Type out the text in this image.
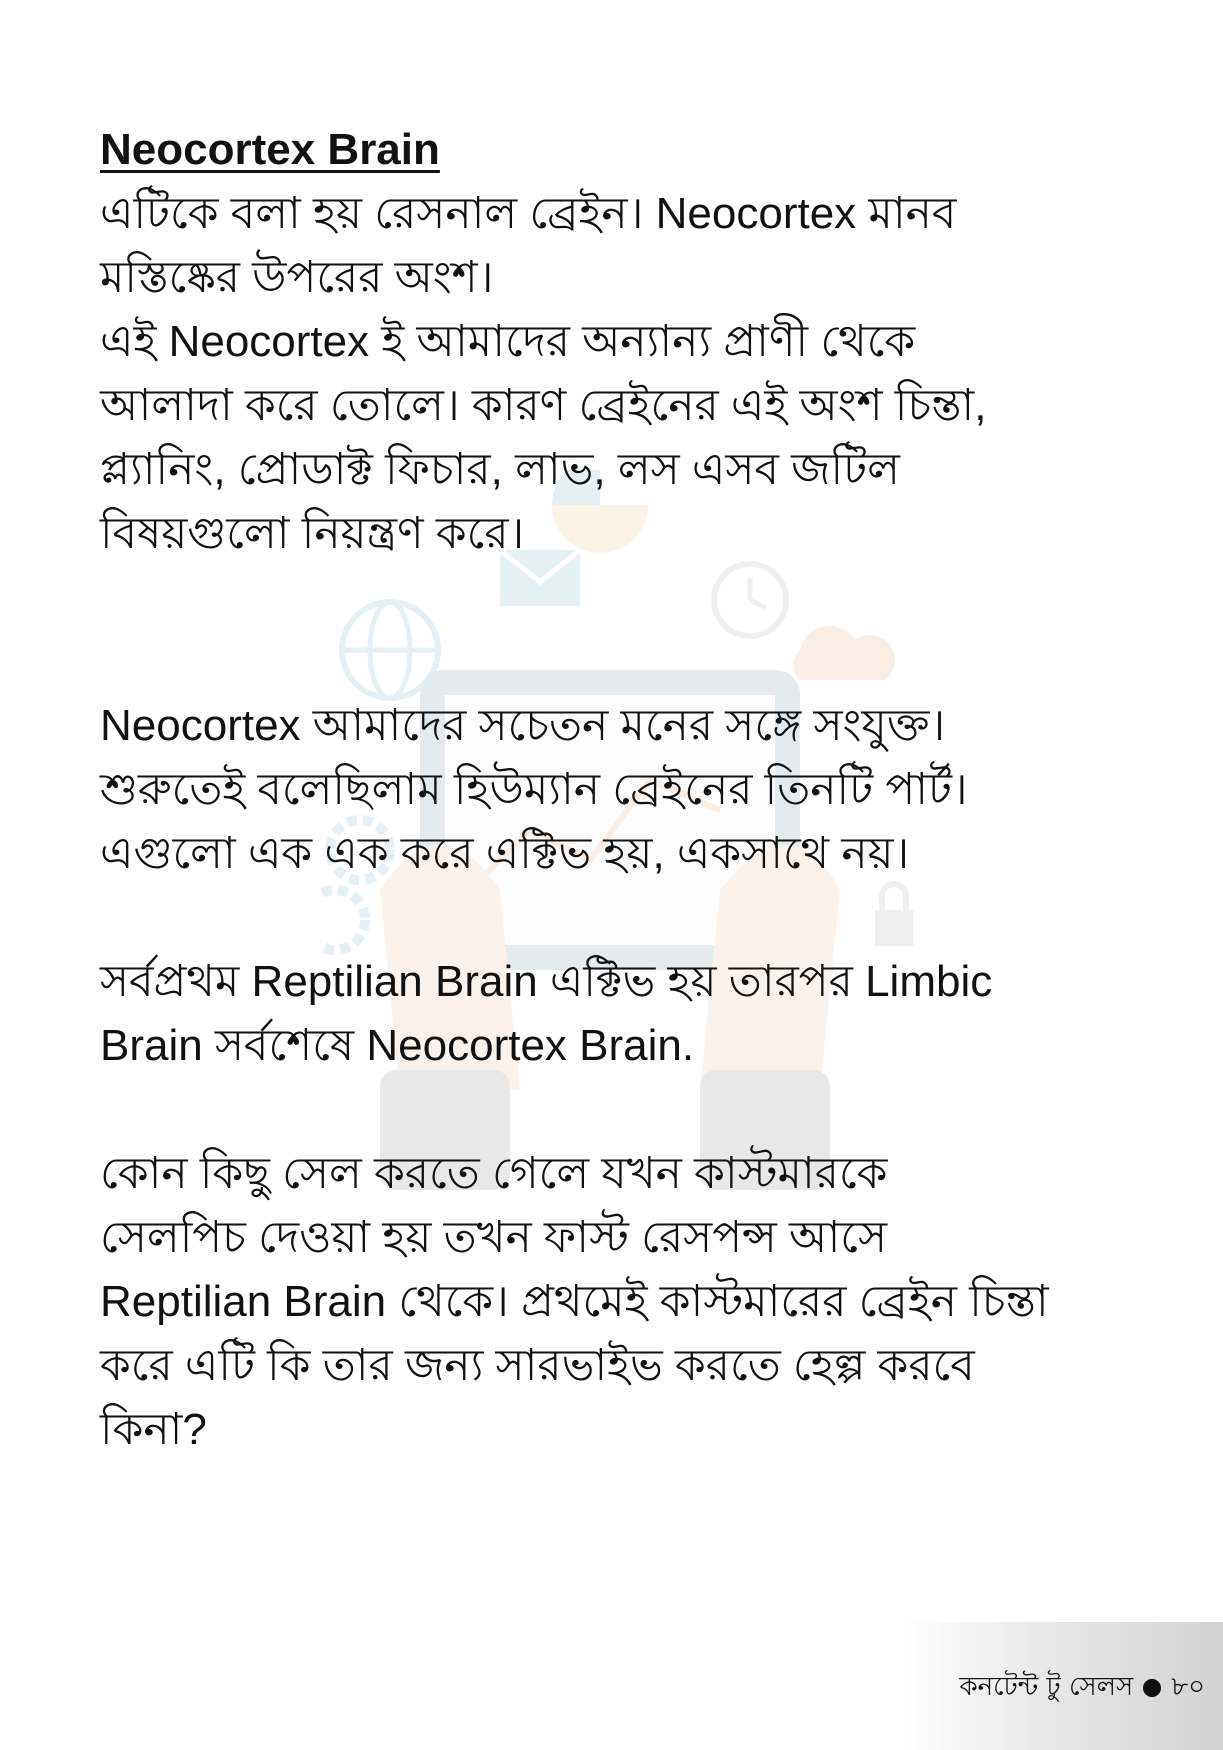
Neocortex Brain
এটিকে বলা হয় রেসনাল ব্রেইন। Neocortex মানব
মস্তিষ্কের উপরের অংশ।
এই Neocortex ই আমাদের অন্যান্য প্রাণী থেকে
আলাদা করে তোলে। কারণ ব্রেইনের এই অংশ চিন্তা,
প্ল্যানিং, প্রোডাক্ট ফিচার, লাভ, লস এসব জটিল
বিষয়গুলো নিয়ন্ত্রণ করে।
Neocortex আমাদের সচেতন মনের সঙ্গে সংযুক্ত।
শুরুতেই বলেছিলাম হিউম্যান ব্রেইনের তিনটি পার্ট।
এগুলো এক এক করে এক্টিভ হয়, একসাথে নয়।
সর্বপ্রথম Reptilian Brain এক্টিভ হয় তারপর Limbic
Brain সর্বশেষে Neocortex Brain.
কোন কিছু সেল করতে গেলে যখন কাস্টমারকে
সেলপিচ দেওয়া হয় তখন ফাস্ট রেসপন্স আসে
Reptilian Brain থেকে। প্রথমেই কাস্টমারের ব্রেইন চিন্তা
করে এটি কি তার জন্য সারভাইভ করতে হেল্প করবে
কিনা?
কনটেন্ট টু সেলস ৮০
